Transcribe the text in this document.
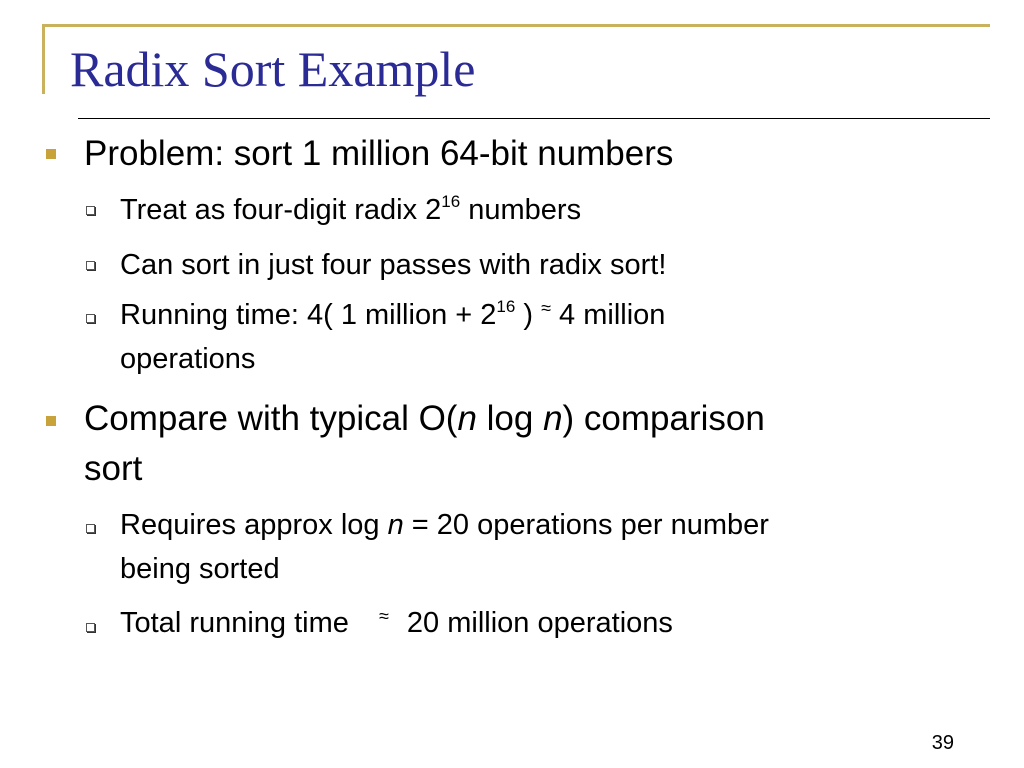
Radix Sort Example
Problem: sort 1 million 64-bit numbers
Treat as four-digit radix $2^{16}$ numbers
Can sort in just four passes with radix sort!
Running time: 4( 1 million + $2^{16}$ ) ≈ 4 million
operations
Compare with typical O(n log n) comparison
sort
Requires approx log n = 20 operations per number
being sorted
Total running time ≈ 20 million operations
39
